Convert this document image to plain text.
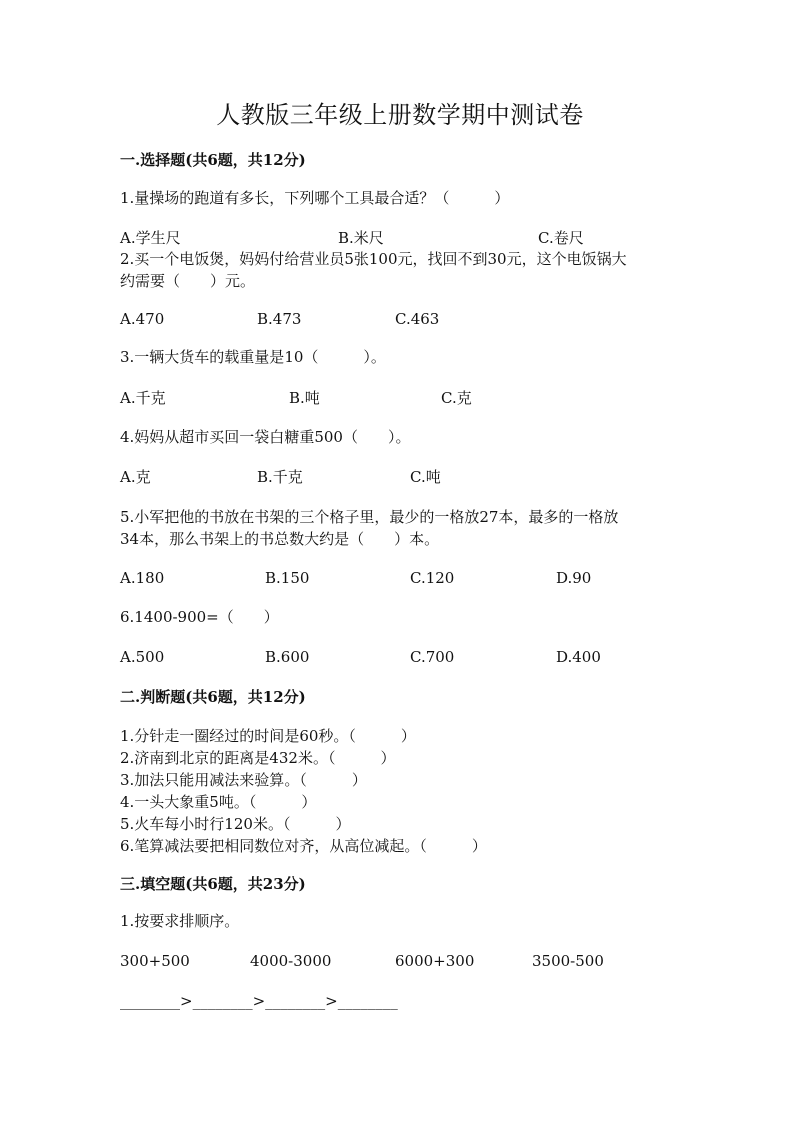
人教版三年级上册数学期中测试卷
一.选择题(共6题，共12分)
1.量操场的跑道有多长，下列哪个工具最合适？（　　　）
A.学生尺	B.米尺	C.卷尺
2.买一个电饭煲，妈妈付给营业员5张100元，找回不到30元，这个电饭锅大
约需要（　　）元。
A.470	B.473	C.463
3.一辆大货车的载重量是10（　　　）。
A.千克	B.吨	C.克
4.妈妈从超市买回一袋白糖重500（　　）。
A.克	B.千克	C.吨
5.小军把他的书放在书架的三个格子里，最少的一格放27本，最多的一格放
34本，那么书架上的书总数大约是（　　）本。
A.180	B.150	C.120	D.90
6.1400-900=（　　）
A.500	B.600	C.700	D.400
二.判断题(共6题，共12分)
1.分针走一圈经过的时间是60秒。（　　　）
2.济南到北京的距离是432米。（　　　）
3.加法只能用减法来验算。（　　　）
4.一头大象重5吨。（　　　）
5.火车每小时行120米。（　　　）
6.笔算减法要把相同数位对齐，从高位减起。（　　　）
三.填空题(共6题，共23分)
1.按要求排顺序。
300+500	4000-3000	6000+300	3500-500
________>________>________>________
